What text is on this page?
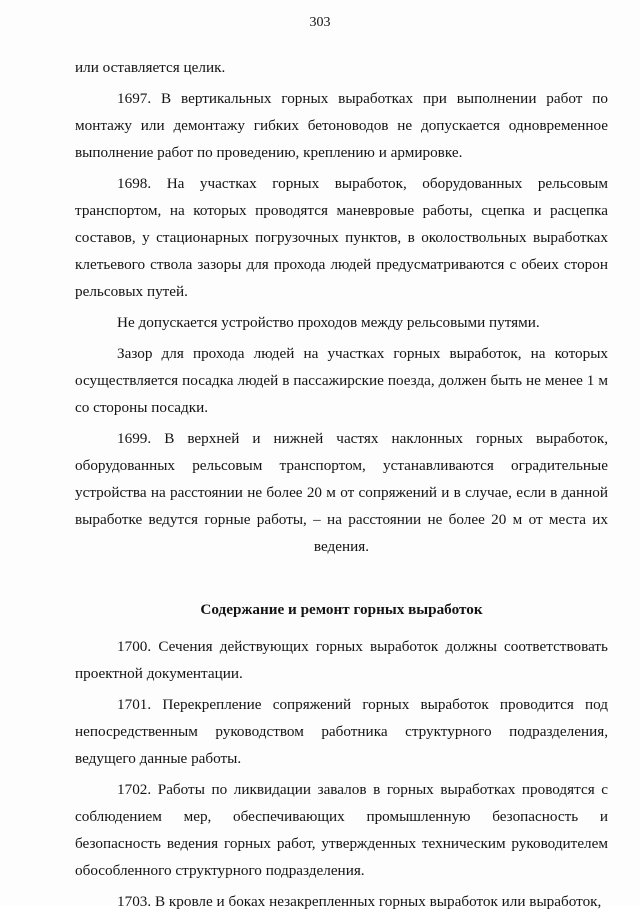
303

или оставляется целик.

1697. В вертикальных горных выработках при выполнении работ по монтажу или демонтажу гибких бетоноводов не допускается одновременное выполнение работ по проведению, креплению и армировке.

1698. На участках горных выработок, оборудованных рельсовым транспортом, на которых проводятся маневровые работы, сцепка и расцепка составов, у стационарных погрузочных пунктов, в околоствольных выработках клетьевого ствола зазоры для прохода людей предусматриваются с обеих сторон рельсовых путей.

Не допускается устройство проходов между рельсовыми путями.

Зазор для прохода людей на участках горных выработок, на которых осуществляется посадка людей в пассажирские поезда, должен быть не менее 1 м со стороны посадки.

1699. В верхней и нижней частях наклонных горных выработок, оборудованных рельсовым транспортом, устанавливаются оградительные устройства на расстоянии не более 20 м от сопряжений и в случае, если в данной выработке ведутся горные работы, – на расстоянии не более 20 м от места их ведения.

Содержание и ремонт горных выработок

1700. Сечения действующих горных выработок должны соответствовать проектной документации.

1701. Перекрепление сопряжений горных выработок проводится под непосредственным руководством работника структурного подразделения, ведущего данные работы.

1702. Работы по ликвидации завалов в горных выработках проводятся с соблюдением мер, обеспечивающих промышленную безопасность и безопасность ведения горных работ, утвержденных техническим руководителем обособленного структурного подразделения.

1703. В кровле и боках незакрепленных горных выработок или выработок,
